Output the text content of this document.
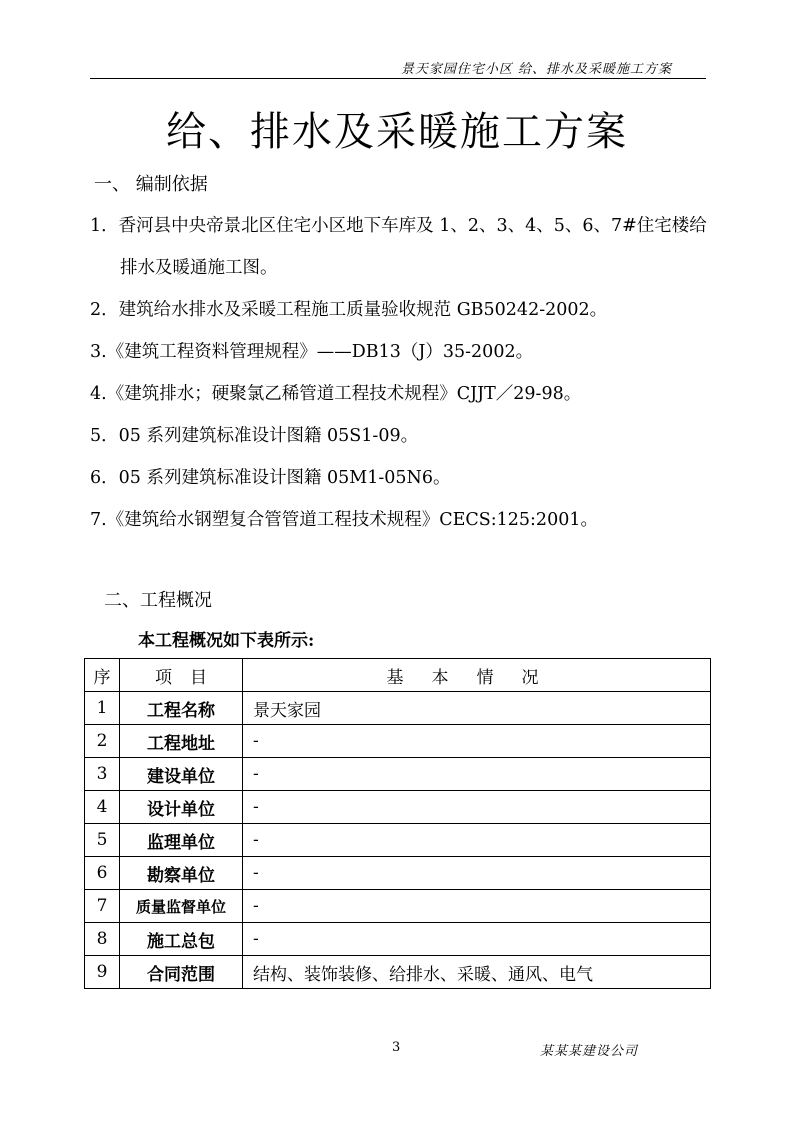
景天家园住宅小区 给、排水及采暖施工方案
给、排水及采暖施工方案
一、 编制依据
1．香河县中央帝景北区住宅小区地下车库及 1、2、3、4、5、6、7#住宅楼给
排水及暖通施工图。
2．建筑给水排水及采暖工程施工质量验收规范 GB50242-2002。
3.《建筑工程资料管理规程》——DB13（J）35-2002。
4.《建筑排水；硬聚氯乙稀管道工程技术规程》CJJT／29-98。
5．05 系列建筑标准设计图籍 05S1-09。
6．05 系列建筑标准设计图籍 05M1-05N6。
7.《建筑给水钢塑复合管管道工程技术规程》CECS:125:2001。
二、工程概况
本工程概况如下表所示:
序	项目	基本情况
1	工程名称	景天家园
2	工程地址	-
3	建设单位	-
4	设计单位	-
5	监理单位	-
6	勘察单位	-
7	质量监督单位	-
8	施工总包	-
9	合同范围	结构、装饰装修、给排水、采暖、通风、电气
3	某某某建设公司
